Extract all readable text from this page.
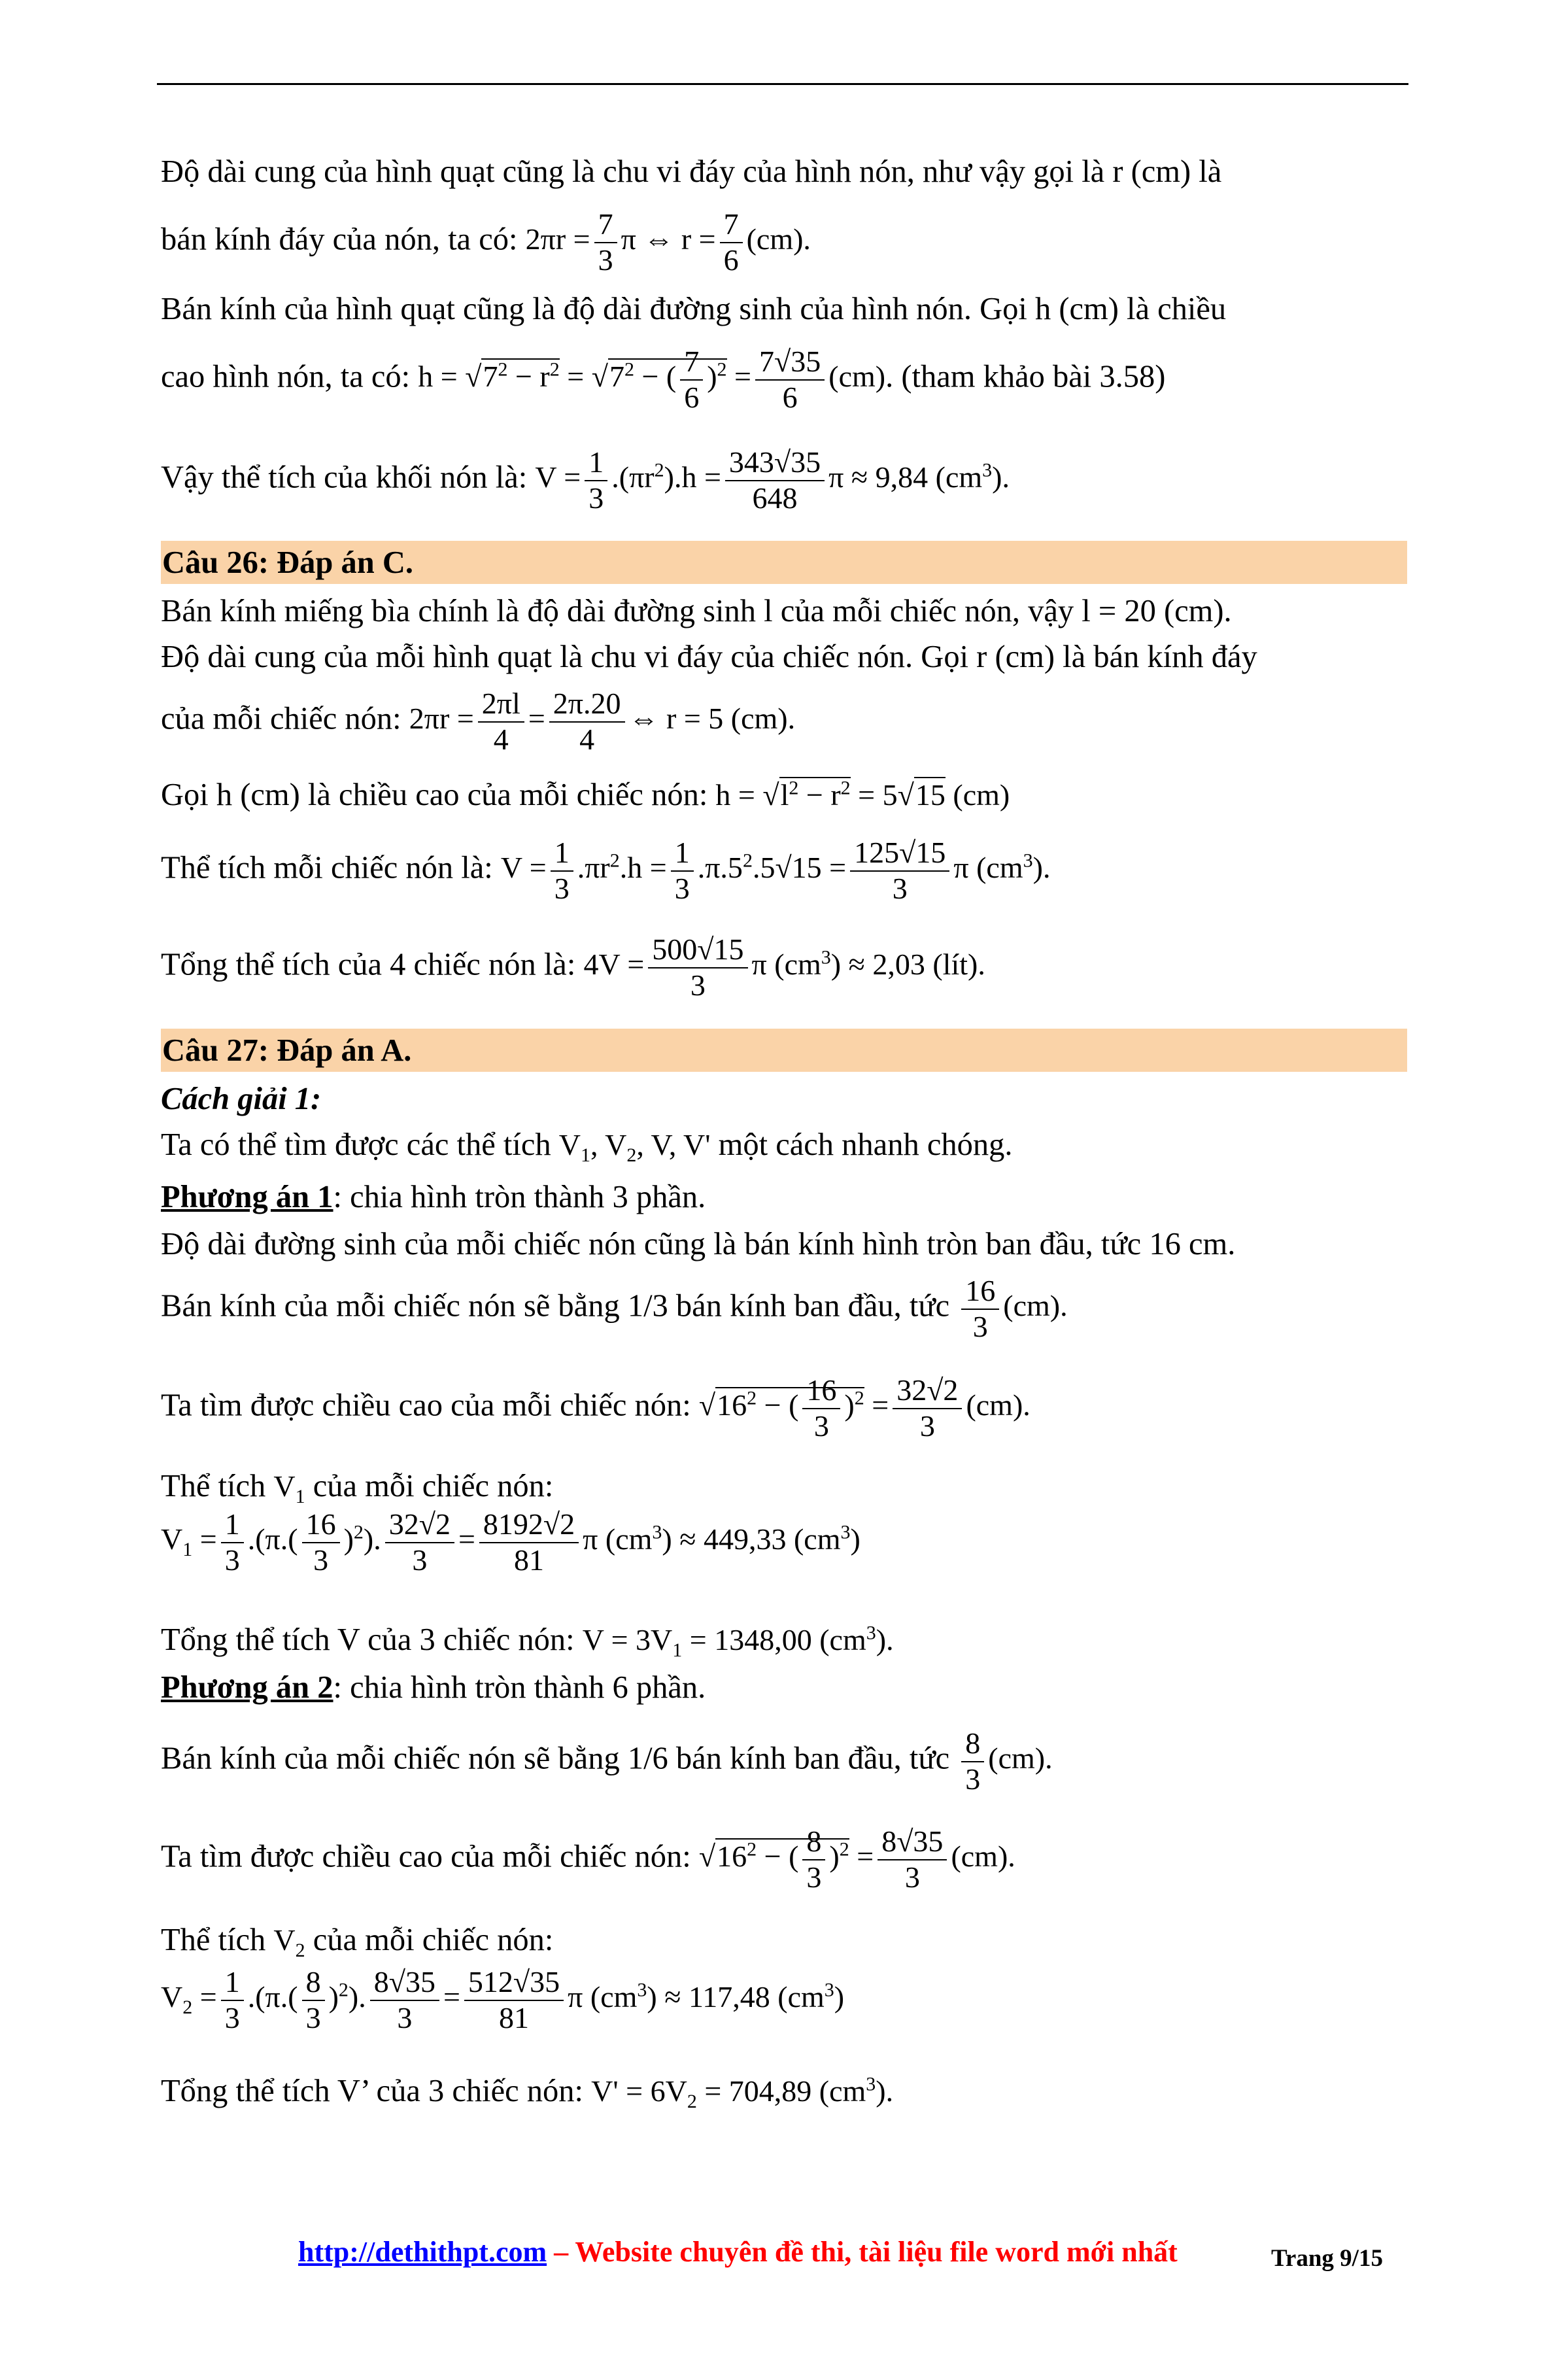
Độ dài cung của hình quạt cũng là chu vi đáy của hình nón, như vậy gọi là r (cm) là
bán kính đáy của nón, ta có: $2\pi r = \frac{7}{3}$ π ⇔ $r = \frac{7}{6} (cm)$.
Bán kính của hình quạt cũng là độ dài đường sinh của hình nón. Gọi h (cm) là chiều
cao hình nón, ta có: $h = √7^2 - r^2 = √7^2$ − ( $\frac{7}{6} )^2 = \frac{7√35}{6} (cm)$. (tham khảo bài 3.58)
Vậy thể tích của khối nón là: $V = \frac{1}{3} .(\pi r^2).h = \frac{343√35}{648}$ π ≈ 9,84 $(cm^3)$.
Câu 26: Đáp án C.
Bán kính miếng bìa chính là độ dài đường sinh l của mỗi chiếc nón, vậy l = 20 (cm).
Độ dài cung của mỗi hình quạt là chu vi đáy của chiếc nón. Gọi r (cm) là bán kính đáy
của mỗi chiếc nón: $2\pi r = \frac{2\pi l}{4} = \frac{2\pi.20}{4}$ ⇔ r = 5 (cm).
Gọi h (cm) là chiều cao của mỗi chiếc nón: $h = √l^2 - r^2 = 5√15$ (cm)
Thể tích mỗi chiếc nón là: $V = \frac{1}{3} .\pi r^2.h = \frac{1}{3} .\pi.5^2.5√15 = \frac{125√15}{3}$ π $(cm^3)$.
Tổng thể tích của 4 chiếc nón là: $4V = \frac{500√15}{3}$ π $(cm^3) \approx 2,03$ (lít).
Câu 27: Đáp án A.
Cách giải 1:
Ta có thể tìm được các thể tích $V_1$, $V_2$, V, V' một cách nhanh chóng.
Phương án 1: chia hình tròn thành 3 phần.
Độ dài đường sinh của mỗi chiếc nón cũng là bán kính hình tròn ban đầu, tức 16 cm.
Bán kính của mỗi chiếc nón sẽ bằng 1/3 bán kính ban đầu, tức $\frac{16}{3} (cm)$.
Ta tìm được chiều cao của mỗi chiếc nón: $√16^2$ − ( $\frac{16}{3} )^2 = \frac{32√2}{3} (cm)$.
Thể tích $V_1$ của mỗi chiếc nón:
$V_1 = \frac{1}{3} .(\pi.( \frac{16}{3} )^2)$. $\frac{32√2}{3} = \frac{8192√2}{81}$ π $(cm^3) \approx 449,33$ $(cm^3)$
Tổng thể tích V của 3 chiếc nón: $V = 3V_1 = 1348,00$ $(cm^3)$.
Phương án 2: chia hình tròn thành 6 phần.
Bán kính của mỗi chiếc nón sẽ bằng 1/6 bán kính ban đầu, tức $\frac{8}{3} (cm)$.
Ta tìm được chiều cao của mỗi chiếc nón: $√16^2$ − ( $\frac{8}{3} )^2 = \frac{8√35}{3} (cm)$.
Thể tích $V_2$ của mỗi chiếc nón:
$V_2 = \frac{1}{3} .(\pi.( \frac{8}{3} )^2)$. $\frac{8√35}{3} = \frac{512√35}{81}$ π $(cm^3) \approx 117,48$ $(cm^3)$
Tổng thể tích V’ của 3 chiếc nón: $V' = 6V_2 = 704,89$ $(cm^3)$.
http://dethithpt.com – Website chuyên đề thi, tài liệu file word mới nhất	Trang 9/15
